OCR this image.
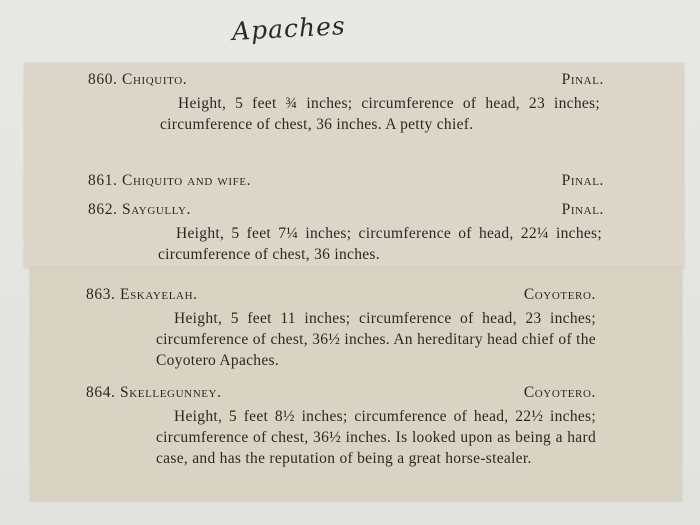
Apaches
860. Chiquito.	Pinal.
Height, 5 feet ¾ inches; circumference of head, 23 inches; circumference of chest, 36 inches. A petty chief.
861. Chiquito and wife.	Pinal.
862. Saygully.	Pinal.
Height, 5 feet 7¼ inches; circumference of head, 22¼ inches; circumference of chest, 36 inches.
863. Eskayelah.	Coyotero.
Height, 5 feet 11 inches; circumference of head, 23 inches; circumference of chest, 36½ inches. An hereditary head chief of the Coyotero Apaches.
864. Skellegunney.	Coyotero.
Height, 5 feet 8½ inches; circumference of head, 22½ inches; circumference of chest, 36½ inches. Is looked upon as being a hard case, and has the reputation of being a great horse-stealer.
